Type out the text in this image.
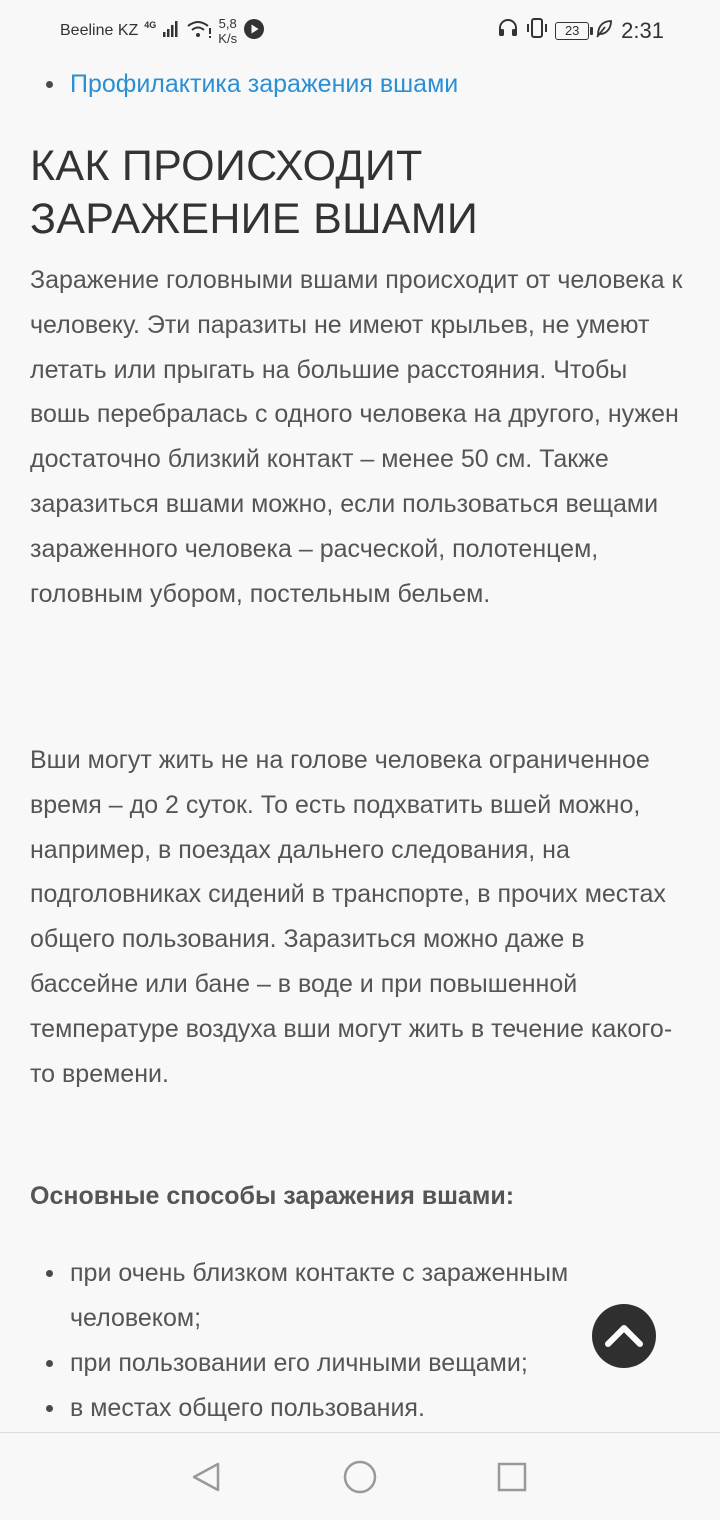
Beeline KZ 4G	5,8
K/s
23	2:31
Профилактика заражения вшами
КАК ПРОИСХОДИТ
ЗАРАЖЕНИЕ ВШАМИ

Заражение головными вшами происходит от человека к человеку. Эти паразиты не имеют крыльев, не умеют летать или прыгать на большие расстояния. Чтобы вошь перебралась с одного человека на другого, нужен достаточно близкий контакт – менее 50 см. Также заразиться вшами можно, если пользоваться вещами зараженного человека – расческой, полотенцем, головным убором, постельным бельем.

Вши могут жить не на голове человека ограниченное время – до 2 суток. То есть подхватить вшей можно, например, в поездах дальнего следования, на подголовниках сидений в транспорте, в прочих местах общего пользования. Заразиться можно даже в бассейне или бане – в воде и при повышенной температуре воздуха вши могут жить в течение какого-то времени.

Основные способы заражения вшами:

при очень близком контакте с зараженным человеком;
при пользовании его личными вещами;
в местах общего пользования.
